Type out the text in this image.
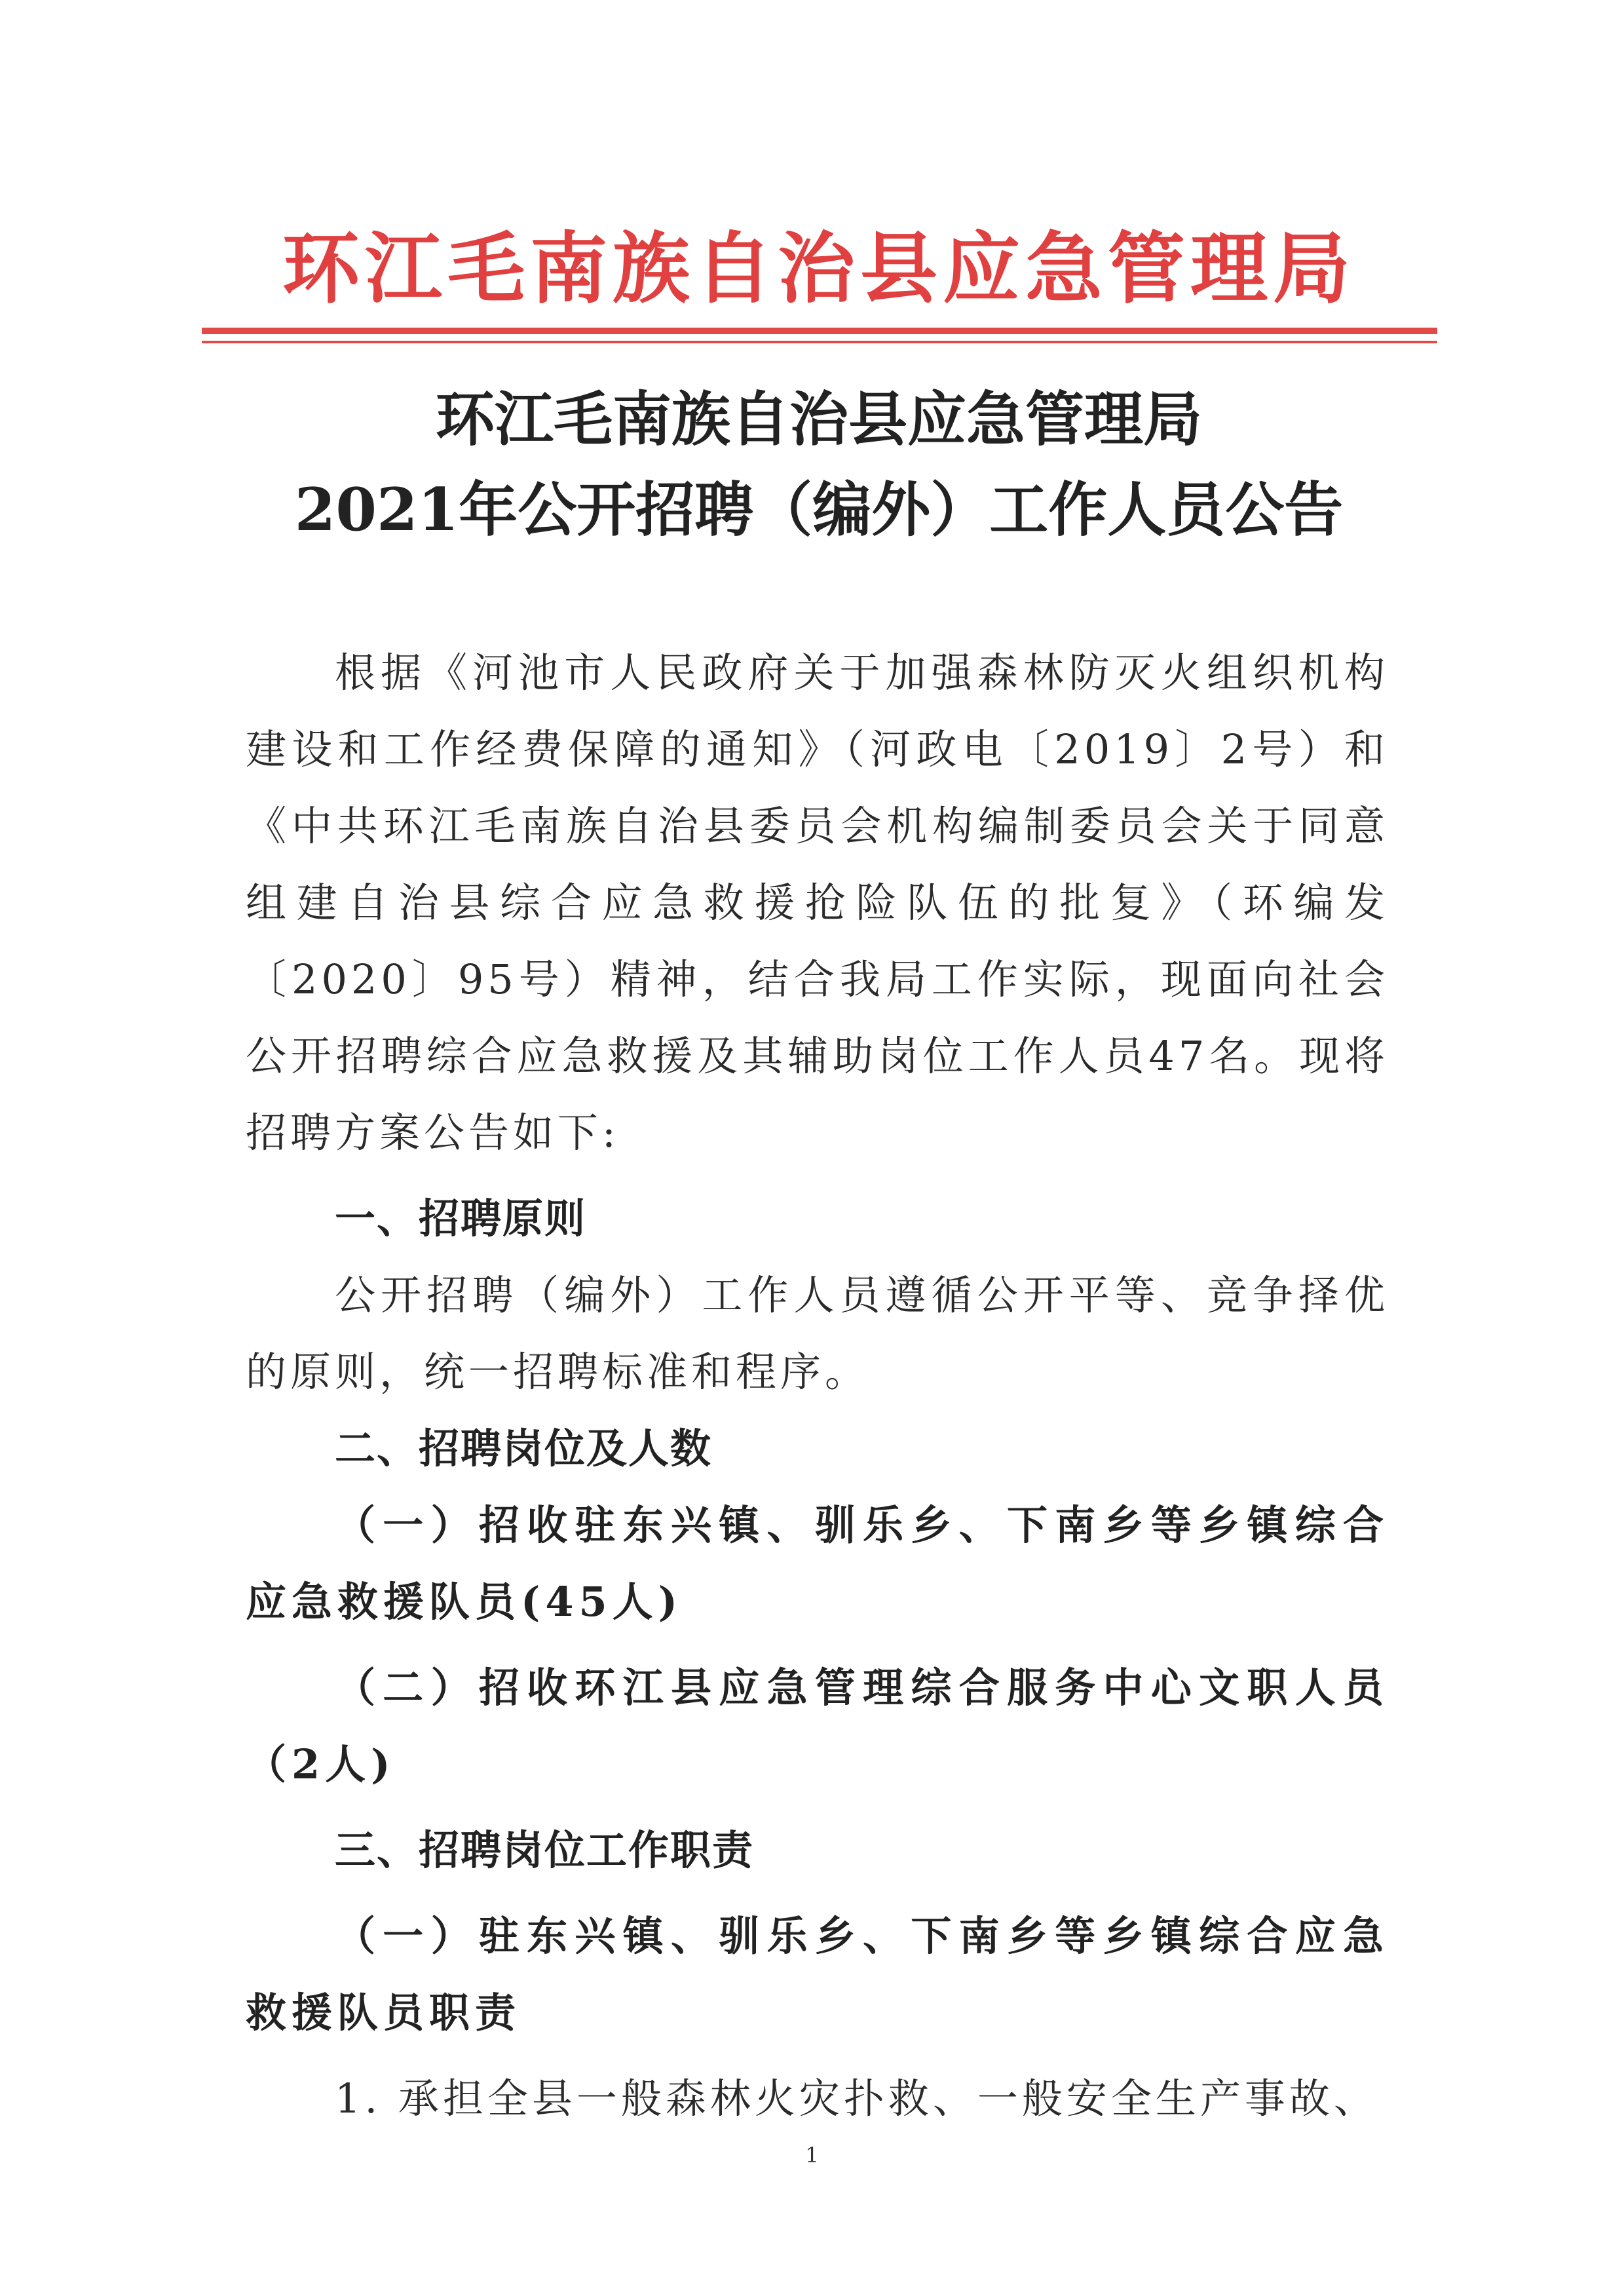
环江毛南族自治县应急管理局
环江毛南族自治县应急管理局
2021年公开招聘（编外）工作人员公告

根据《河池市人民政府关于加强森林防灭火组织机构建设和工作经费保障的通知》（河政电〔2019〕2号）和《中共环江毛南族自治县委员会机构编制委员会关于同意组建自治县综合应急救援抢险队伍的批复》（环编发〔2020〕95号）精神，结合我局工作实际，现面向社会公开招聘综合应急救援及其辅助岗位工作人员47名。现将招聘方案公告如下:

一、招聘原则

公开招聘（编外）工作人员遵循公开平等、竞争择优的原则，统一招聘标准和程序。

二、招聘岗位及人数

（一）招收驻东兴镇、驯乐乡、下南乡等乡镇综合应急救援队员(45人)

（二）招收环江县应急管理综合服务中心文职人员（2人)

三、招聘岗位工作职责

（一）驻东兴镇、驯乐乡、下南乡等乡镇综合应急救援队员职责

1. 承担全县一般森林火灾扑救、一般安全生产事故、

1
